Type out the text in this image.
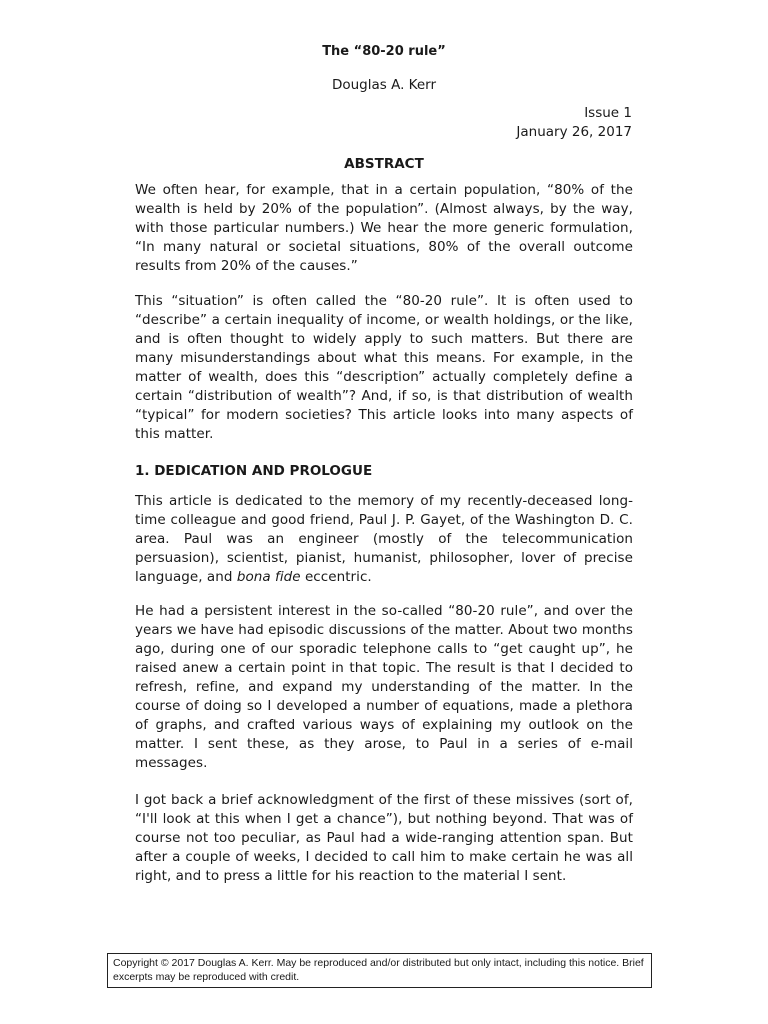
The “80-20 rule”
Douglas A. Kerr
Issue 1
January 26, 2017
ABSTRACT
We often hear, for example, that in a certain population, “80% of the wealth is held by 20% of the population”. (Almost always, by the way, with those particular numbers.) We hear the more generic formulation, “In many natural or societal situations, 80% of the overall outcome results from 20% of the causes.”
This “situation” is often called the “80-20 rule”. It is often used to “describe” a certain inequality of income, or wealth holdings, or the like, and is often thought to widely apply to such matters. But there are many misunderstandings about what this means. For example, in the matter of wealth, does this “description” actually completely define a certain “distribution of wealth”? And, if so, is that distribution of wealth “typical” for modern societies? This article looks into many aspects of this matter.
1. DEDICATION AND PROLOGUE
This article is dedicated to the memory of my recently-deceased long-time colleague and good friend, Paul J. P. Gayet, of the Washington D. C. area. Paul was an engineer (mostly of the telecommunication persuasion), scientist, pianist, humanist, philosopher, lover of precise language, and bona fide eccentric.
He had a persistent interest in the so-called “80-20 rule”, and over the years we have had episodic discussions of the matter. About two months ago, during one of our sporadic telephone calls to “get caught up”, he raised anew a certain point in that topic. The result is that I decided to refresh, refine, and expand my understanding of the matter. In the course of doing so I developed a number of equations, made a plethora of graphs, and crafted various ways of explaining my outlook on the matter. I sent these, as they arose, to Paul in a series of e-mail messages.
I got back a brief acknowledgment of the first of these missives (sort of, “I'll look at this when I get a chance”), but nothing beyond. That was of course not too peculiar, as Paul had a wide-ranging attention span. But after a couple of weeks, I decided to call him to make certain he was all right, and to press a little for his reaction to the material I sent.
Copyright © 2017 Douglas A. Kerr. May be reproduced and/or distributed but only intact, including this notice. Brief excerpts may be reproduced with credit.
